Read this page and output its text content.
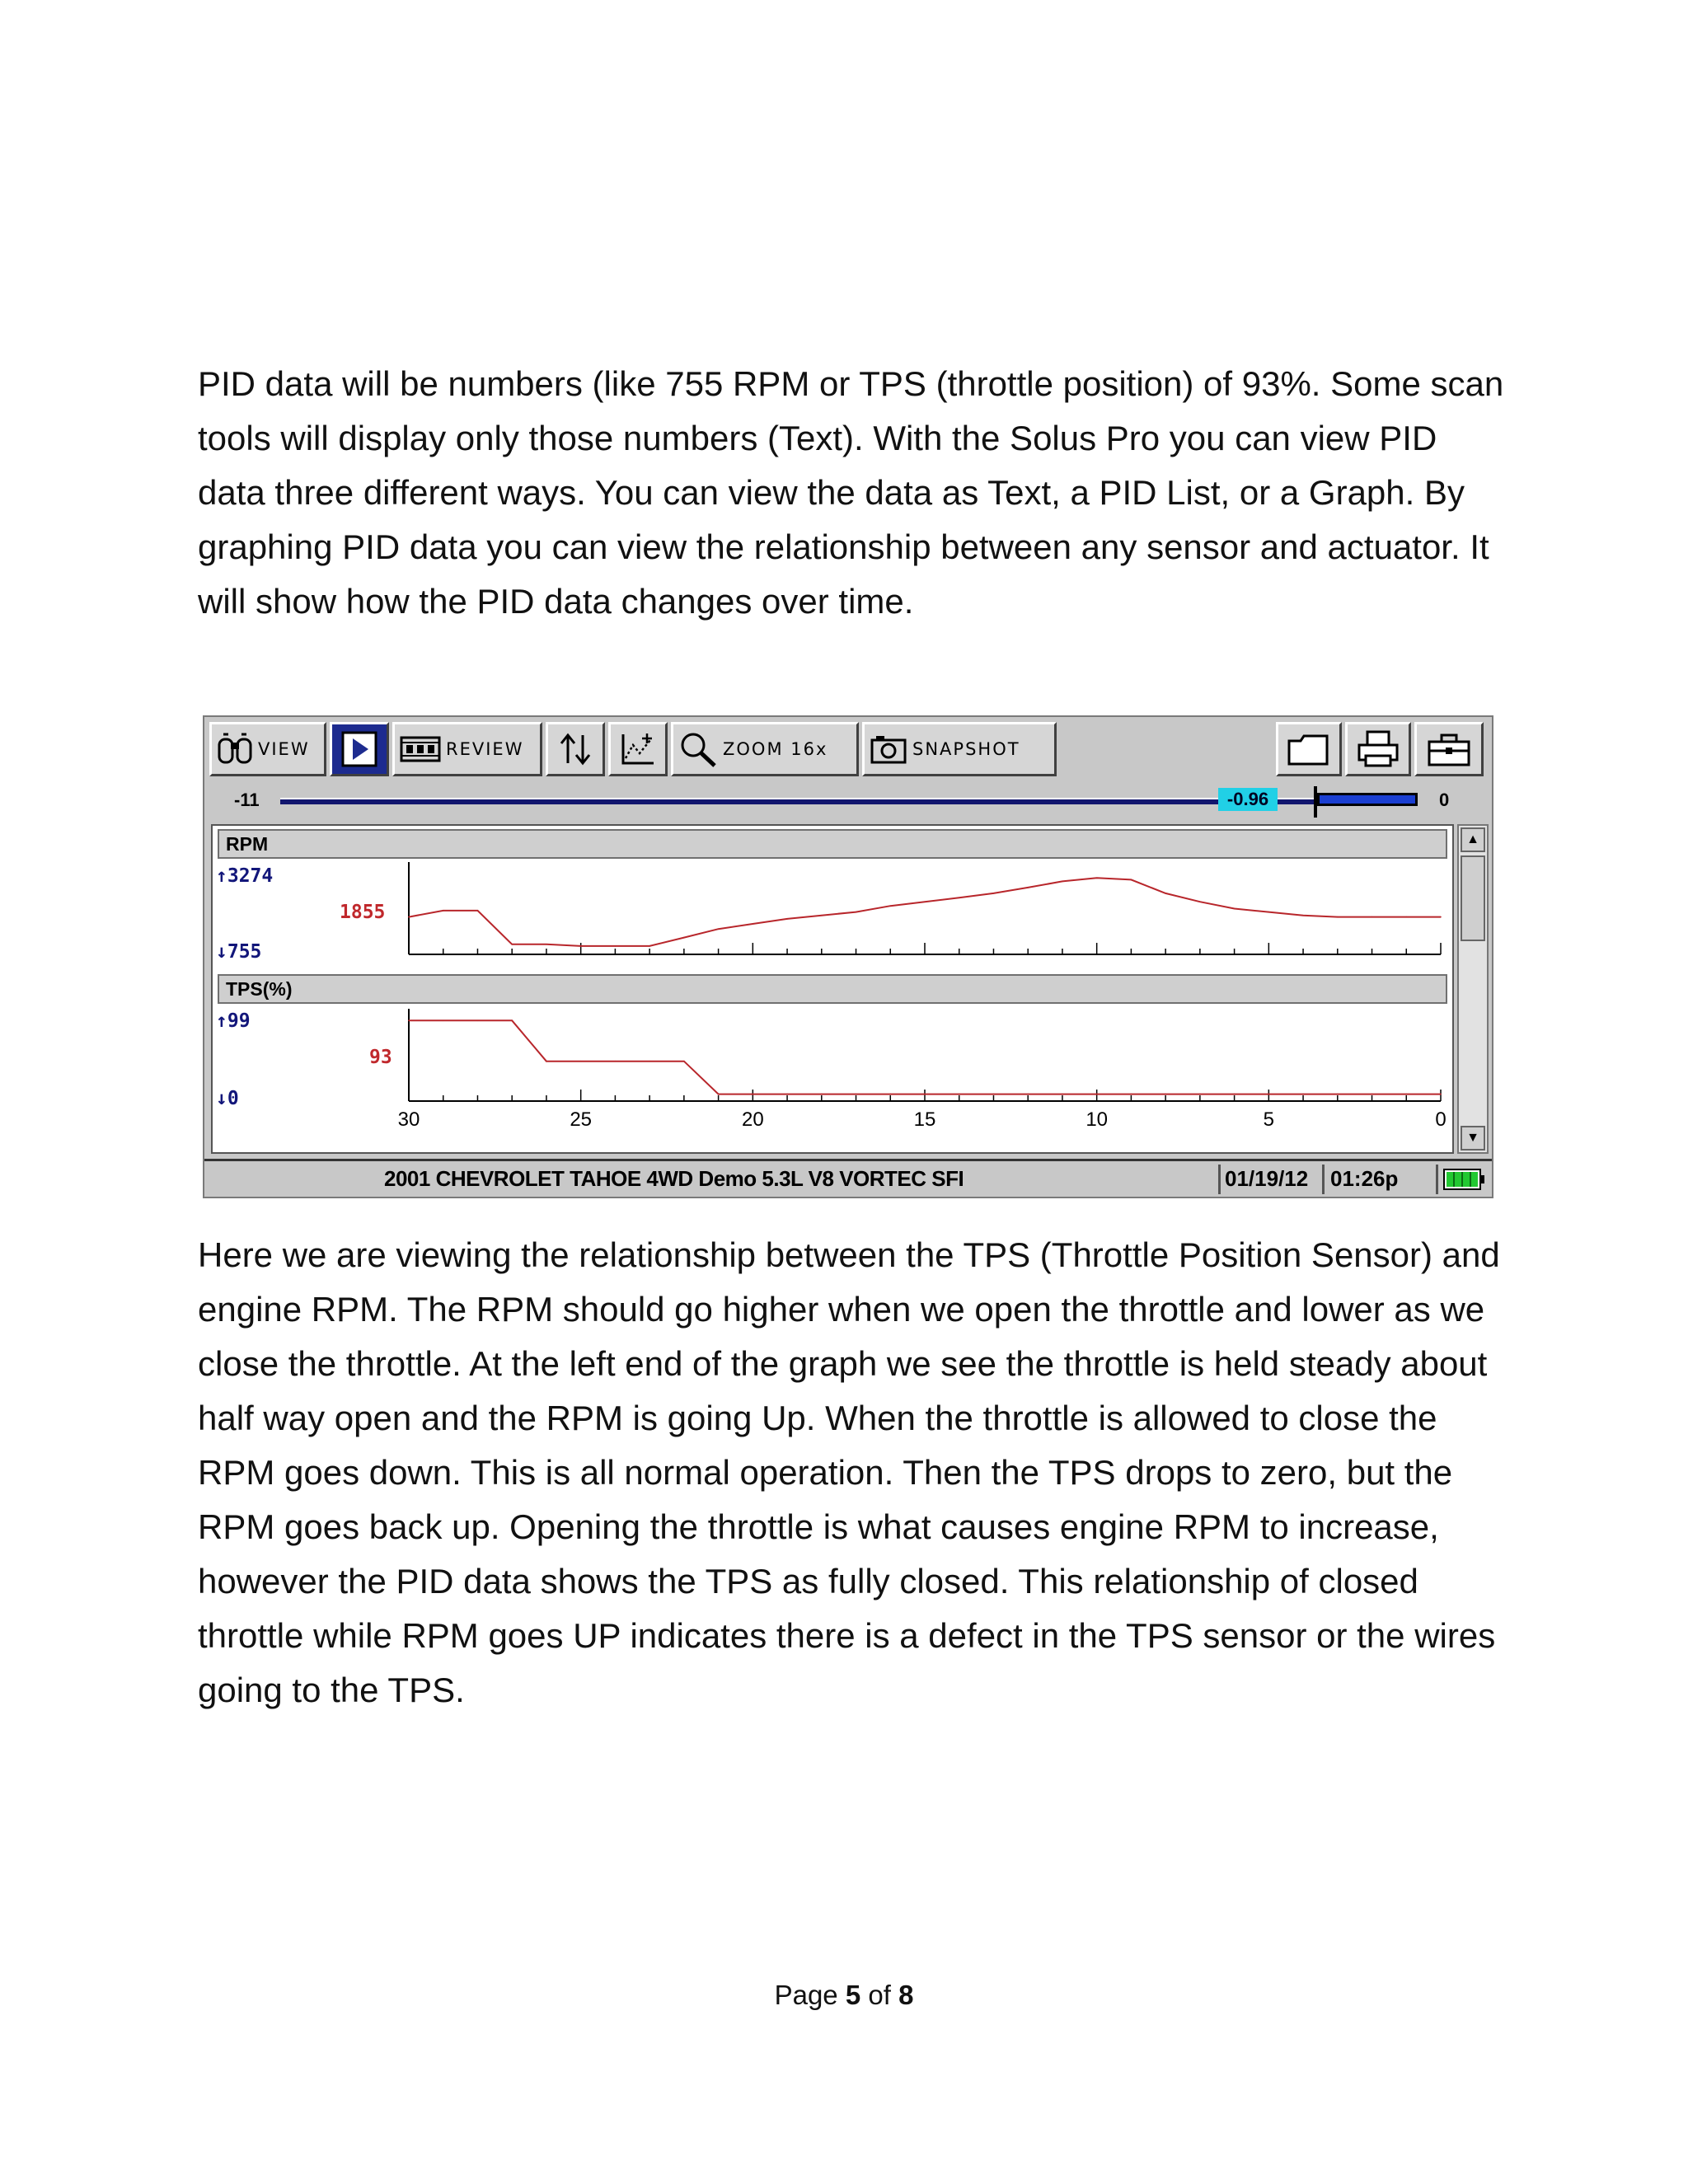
PID data will be numbers (like 755 RPM or TPS (throttle position) of 93%. Some scan tools will display only those numbers (Text). With the Solus Pro you can view PID data three different ways. You can view the data as Text, a PID List, or a Graph. By graphing PID data you can view the relationship between any sensor and actuator. It will show how the PID data changes over time.

VIEW	REVIEW	ZOOM 16x	SNAPSHOT
-11	-0.96	0
RPM
↑3274
1855
↓755
TPS(%)
↑99
93
↓0
30	25	20	15	10	5	0
▲
▼
2001 CHEVROLET TAHOE 4WD Demo 5.3L V8 VORTEC SFI	01/19/12 01:26p

Here we are viewing the relationship between the TPS (Throttle Position Sensor) and engine RPM. The RPM should go higher when we open the throttle and lower as we close the throttle. At the left end of the graph we see the throttle is held steady about half way open and the RPM is going Up. When the throttle is allowed to close the RPM goes down. This is all normal operation. Then the TPS drops to zero, but the RPM goes back up. Opening the throttle is what causes engine RPM to increase, however the PID data shows the TPS as fully closed. This relationship of closed throttle while RPM goes UP indicates there is a defect in the TPS sensor or the wires going to the TPS.

Page 5 of 8
